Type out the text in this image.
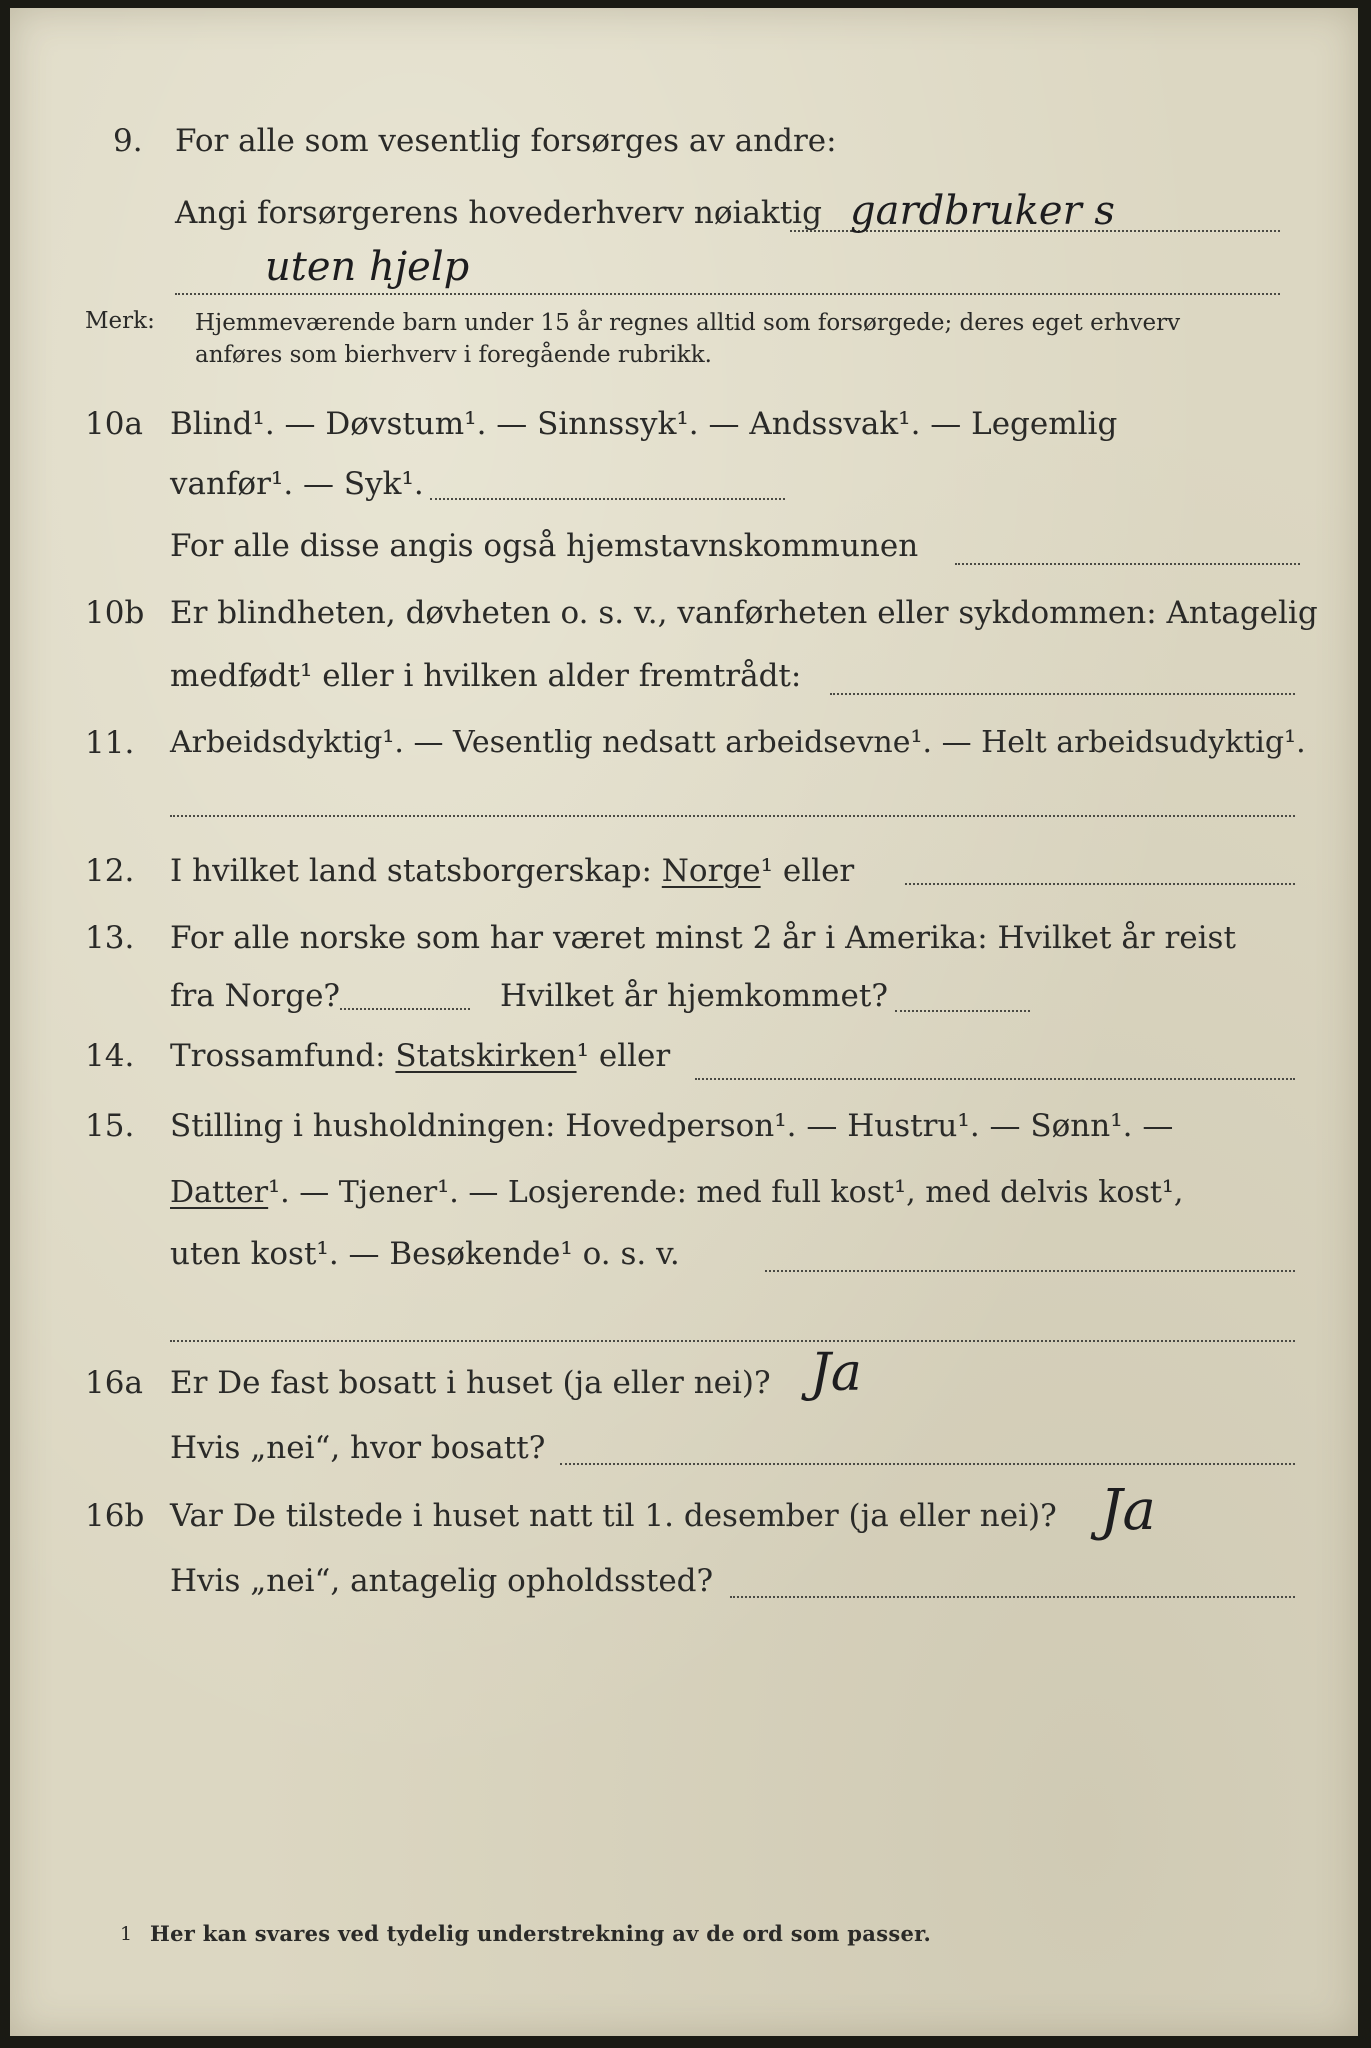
9. For alle som vesentlig forsørges av andre:
Angi forsørgerens hovederhverv nøiaktig gardbruker s
uten hjelp
Merk: Hjemmeværende barn under 15 år regnes alltid som forsørgede; deres eget erhverv
anføres som bierhverv i foregående rubrikk.
10a Blind¹. — Døvstum¹. — Sinnssyk¹. — Andssvak¹. — Legemlig
vanfør¹. — Syk¹.
For alle disse angis også hjemstavnskommunen
10b Er blindheten, døvheten o. s. v., vanførheten eller sykdommen: Antagelig
medfødt¹ eller i hvilken alder fremtrådt:
11. Arbeidsdyktig¹. — Vesentlig nedsatt arbeidsevne¹. — Helt arbeidsudyktig¹.
12. I hvilket land statsborgerskap: Norge¹ eller
13. For alle norske som har været minst 2 år i Amerika: Hvilket år reist
fra Norge?	Hvilket år hjemkommet?
14. Trossamfund: Statskirken¹ eller
15. Stilling i husholdningen: Hovedperson¹. — Hustru¹. — Sønn¹. —
Datter¹. — Tjener¹. — Losjerende: med full kost¹, med delvis kost¹,
uten kost¹. — Besøkende¹ o. s. v.
16a Er De fast bosatt i huset (ja eller nei)? Ja
Hvis „nei“, hvor bosatt?
16b Var De tilstede i huset natt til 1. desember (ja eller nei)? Ja
Hvis „nei“, antagelig opholdssted?
1 Her kan svares ved tydelig understrekning av de ord som passer.
